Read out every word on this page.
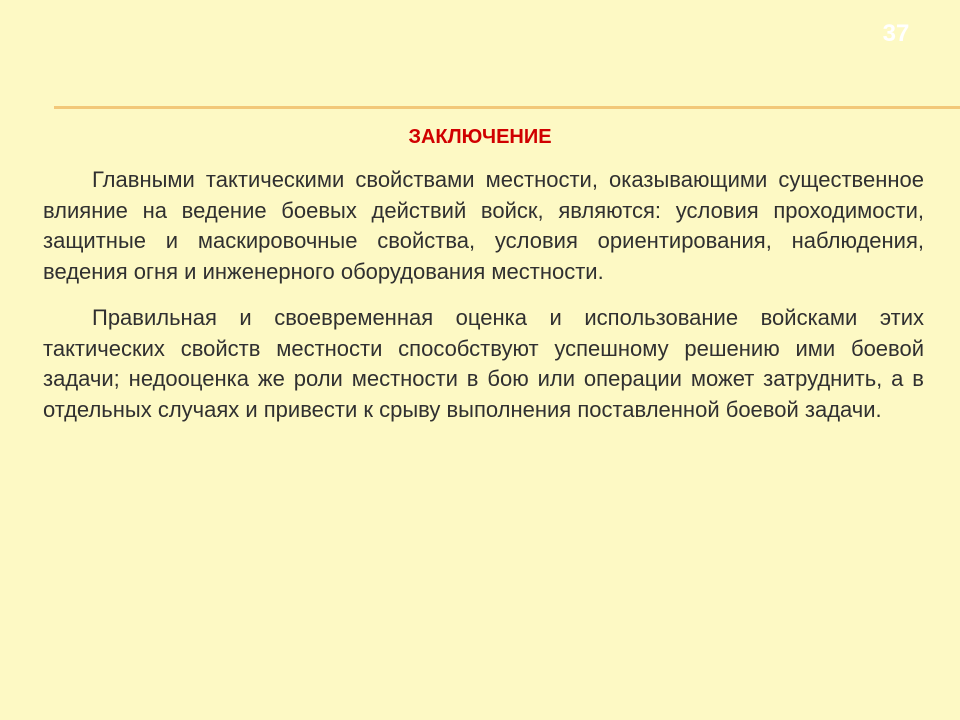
37
ЗАКЛЮЧЕНИЕ

Главными тактическими свойствами местности, оказывающими существенное влияние на ведение боевых действий войск, являются: условия проходимости, защитные и маскировочные свойства, условия ориентирования, наблюдения, ведения огня и инженерного оборудования местности.

Правильная и своевременная оценка и использование войсками этих тактических свойств местности способствуют успешному решению ими боевой задачи; недооценка же роли местности в бою или операции может затруднить, а в отдельных случаях и привести к срыву выполнения поставленной боевой задачи.
